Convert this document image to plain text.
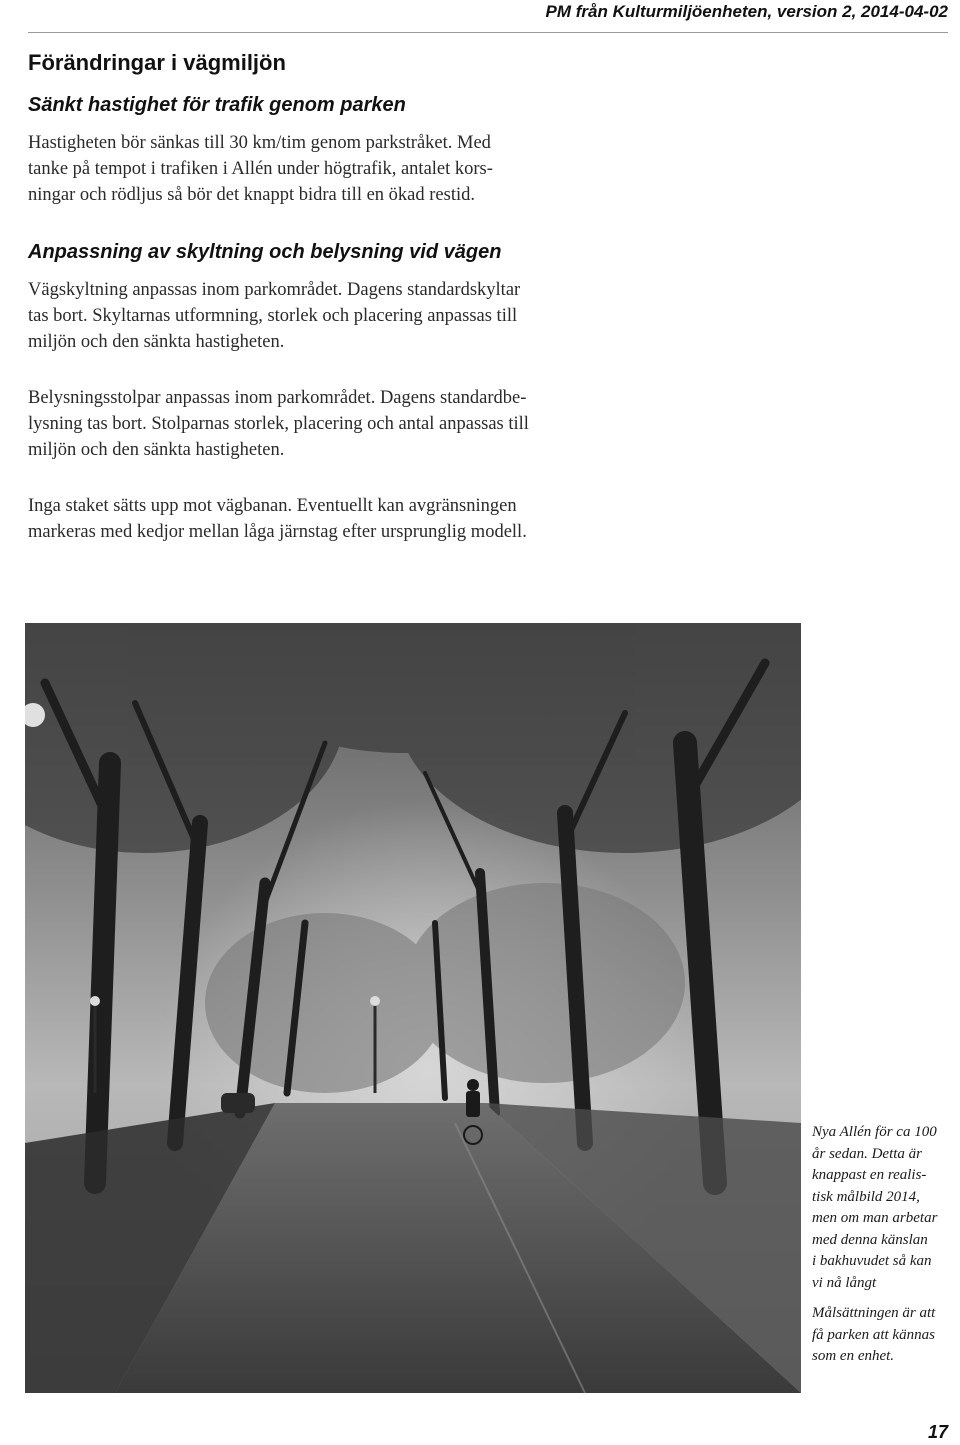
PM från Kulturmiljöenheten, version 2, 2014-04-02
Förändringar i vägmiljön
Sänkt hastighet för trafik genom parken

Hastigheten bör sänkas till 30 km/tim genom parkstråket. Med
tanke på tempot i trafiken i Allén under högtrafik, antalet kors-
ningar och rödljus så bör det knappt bidra till en ökad restid.

Anpassning av skyltning och belysning vid vägen

Vägskyltning anpassas inom parkområdet. Dagens standardskyltar
tas bort. Skyltarnas utformning, storlek och placering anpassas till
miljön och den sänkta hastigheten.

Belysningsstolpar anpassas inom parkområdet. Dagens standardbe-
lysning tas bort. Stolparnas storlek, placering och antal anpassas till
miljön och den sänkta hastigheten.

Inga staket sätts upp mot vägbanan. Eventuellt kan avgränsningen
markeras med kedjor mellan låga järnstag efter ursprunglig modell.

Nya Allén för ca 100
år sedan. Detta är
knappast en realis-
tisk målbild 2014,
men om man arbetar
med denna känslan
i bakhuvudet så kan
vi nå långt

Målsättningen är att
få parken att kännas
som en enhet.

17
